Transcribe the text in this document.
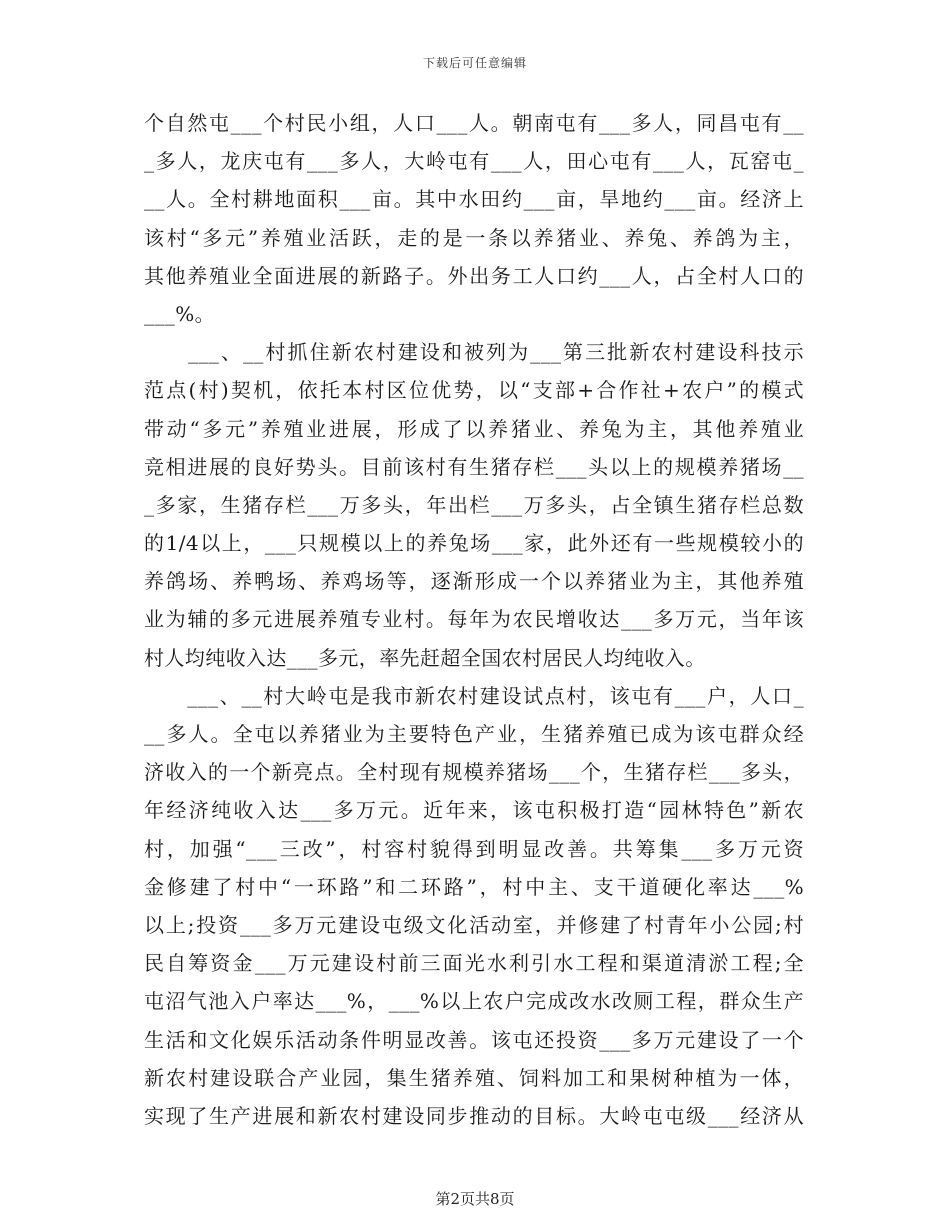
下载后可任意编辑
个自然屯___个村民小组，人口___人。朝南屯有___多人，同昌屯有__
_多人，龙庆屯有___多人，大岭屯有___人，田心屯有___人，瓦窑屯_
__人。全村耕地面积___亩。其中水田约___亩，旱地约___亩。经济上
该村“多元”养殖业活跃，走的是一条以养猪业、养兔、养鸽为主，
其他养殖业全面进展的新路子。外出务工人口约___人，占全村人口的
___%。
　　___、__村抓住新农村建设和被列为___第三批新农村建设科技示
范点(村)契机，依托本村区位优势，以“支部+合作社+农户”的模式
带动“多元”养殖业进展，形成了以养猪业、养兔为主，其他养殖业
竞相进展的良好势头。目前该村有生猪存栏___头以上的规模养猪场__
_多家，生猪存栏___万多头，年出栏___万多头，占全镇生猪存栏总数
的1/4以上，___只规模以上的养兔场___家，此外还有一些规模较小的
养鸽场、养鸭场、养鸡场等，逐渐形成一个以养猪业为主，其他养殖
业为辅的多元进展养殖专业村。每年为农民增收达___多万元，当年该
村人均纯收入达___多元，率先赶超全国农村居民人均纯收入。
　　___、__村大岭屯是我市新农村建设试点村，该屯有___户，人口_
__多人。全屯以养猪业为主要特色产业，生猪养殖已成为该屯群众经
济收入的一个新亮点。全村现有规模养猪场___个，生猪存栏___多头，
年经济纯收入达___多万元。近年来，该屯积极打造“园林特色”新农
村，加强“___三改”，村容村貌得到明显改善。共筹集___多万元资
金修建了村中“一环路”和二环路”，村中主、支干道硬化率达___%
以上;投资___多万元建设屯级文化活动室，并修建了村青年小公园;村
民自筹资金___万元建设村前三面光水利引水工程和渠道清淤工程;全
屯沼气池入户率达___%，___%以上农户完成改水改厕工程，群众生产
生活和文化娱乐活动条件明显改善。该屯还投资___多万元建设了一个
新农村建设联合产业园，集生猪养殖、饲料加工和果树种植为一体，
实现了生产进展和新农村建设同步推动的目标。大岭屯屯级___经济从
第2页共8页
